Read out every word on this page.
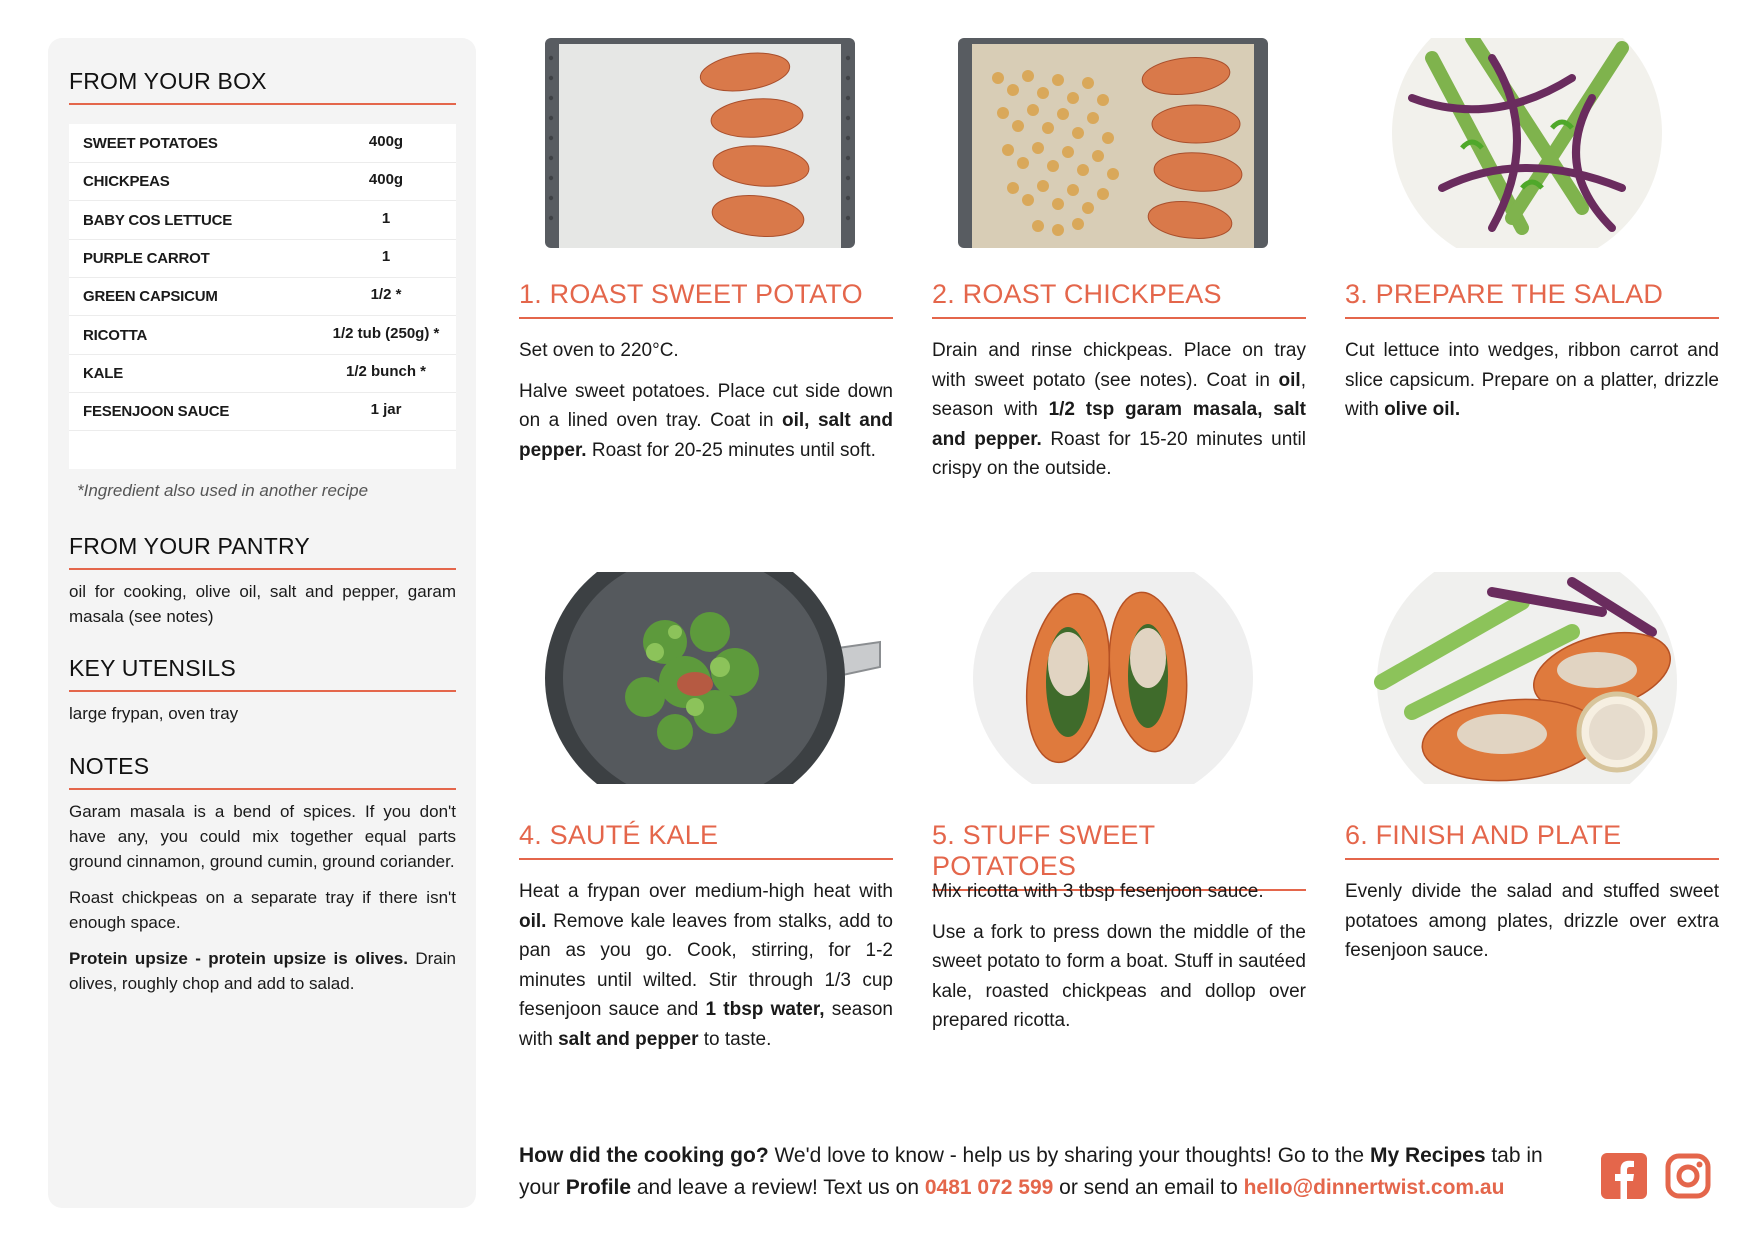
FROM YOUR BOX
SWEET POTATOES	400g
CHICKPEAS	400g
BABY COS LETTUCE	1
PURPLE CARROT	1
GREEN CAPSICUM	1/2 *
RICOTTA	1/2 tub (250g) *
KALE	1/2 bunch *
FESENJOON SAUCE	1 jar
*Ingredient also used in another recipe
FROM YOUR PANTRY

oil for cooking, olive oil, salt and pepper, garam masala (see notes)

KEY UTENSILS

large frypan, oven tray

NOTES

Garam masala is a bend of spices. If you don't have any, you could mix together equal parts ground cinnamon, ground cumin, ground coriander.

Roast chickpeas on a separate tray if there isn't enough space.

Protein upsize - protein upsize is olives. Drain olives, roughly chop and add to salad.

1. ROAST SWEET POTATO

Set oven to 220°C.

Halve sweet potatoes. Place cut side down on a lined oven tray. Coat in oil, salt and pepper. Roast for 20-25 minutes until soft.

2. ROAST CHICKPEAS

Drain and rinse chickpeas. Place on tray with sweet potato (see notes). Coat in oil, season with 1/2 tsp garam masala, salt and pepper. Roast for 15-20 minutes until crispy on the outside.

3. PREPARE THE SALAD

Cut lettuce into wedges, ribbon carrot and slice capsicum. Prepare on a platter, drizzle with olive oil.

4. SAUTÉ KALE

Heat a frypan over medium-high heat with oil. Remove kale leaves from stalks, add to pan as you go. Cook, stirring, for 1-2 minutes until wilted. Stir through 1/3 cup fesenjoon sauce and 1 tbsp water, season with salt and pepper to taste.

5. STUFF SWEET POTATOES

Mix ricotta with 3 tbsp fesenjoon sauce.

Use a fork to press down the middle of the sweet potato to form a boat. Stuff in sautéed kale, roasted chickpeas and dollop over prepared ricotta.

6. FINISH AND PLATE

Evenly divide the salad and stuffed sweet potatoes among plates, drizzle over extra fesenjoon sauce.

How did the cooking go? We'd love to know - help us by sharing your thoughts! Go to the My Recipes tab in your Profile and leave a review! Text us on 0481 072 599 or send an email to hello@dinnertwist.com.au
